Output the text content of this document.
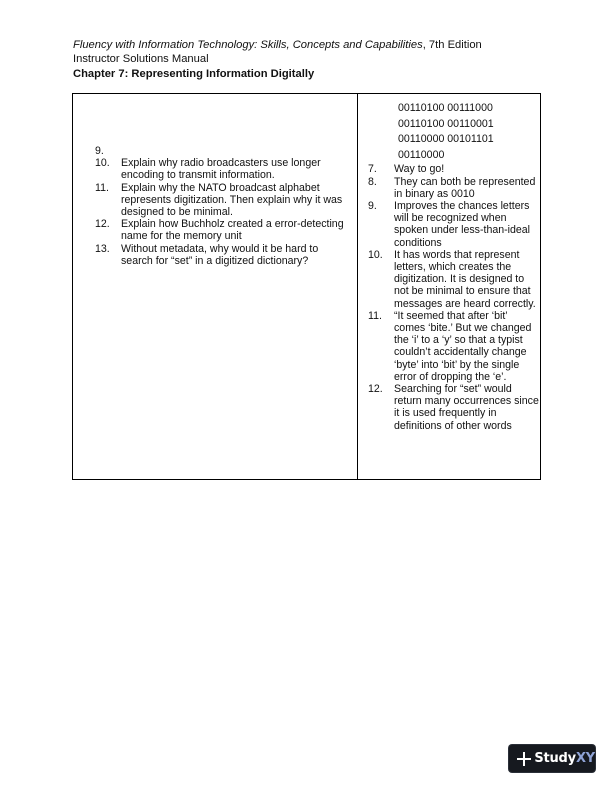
Fluency with Information Technology: Skills, Concepts and Capabilities, 7th Edition
Instructor Solutions Manual
Chapter 7: Representing Information Digitally
9.
10.	Explain why radio broadcasters use longer encoding to transmit information.
11.	Explain why the NATO broadcast alphabet represents digitization. Then explain why it was designed to be minimal.
12.	Explain how Buchholz created a error-detecting name for the memory unit
13.	Without metadata, why would it be hard to search for “set” in a digitized dictionary?
00110100 00111000
00110100 00110001
00110000 00101101
00110000
7.	Way to go!
8.	They can both be represented in binary as 0010
9.	Improves the chances letters will be recognized when spoken under less-than-ideal conditions
10.	It has words that represent letters, which creates the digitization. It is designed to not be minimal to ensure that messages are heard correctly.
11.	“It seemed that after ‘bit’ comes ‘bite.’ But we changed the ‘i’ to a ‘y’ so that a typist couldn’t accidentally change ‘byte’ into ‘bit’ by the single error of dropping the ‘e’.
12.	Searching for “set” would return many occurrences since it is used frequently in definitions of other words
Study XY
